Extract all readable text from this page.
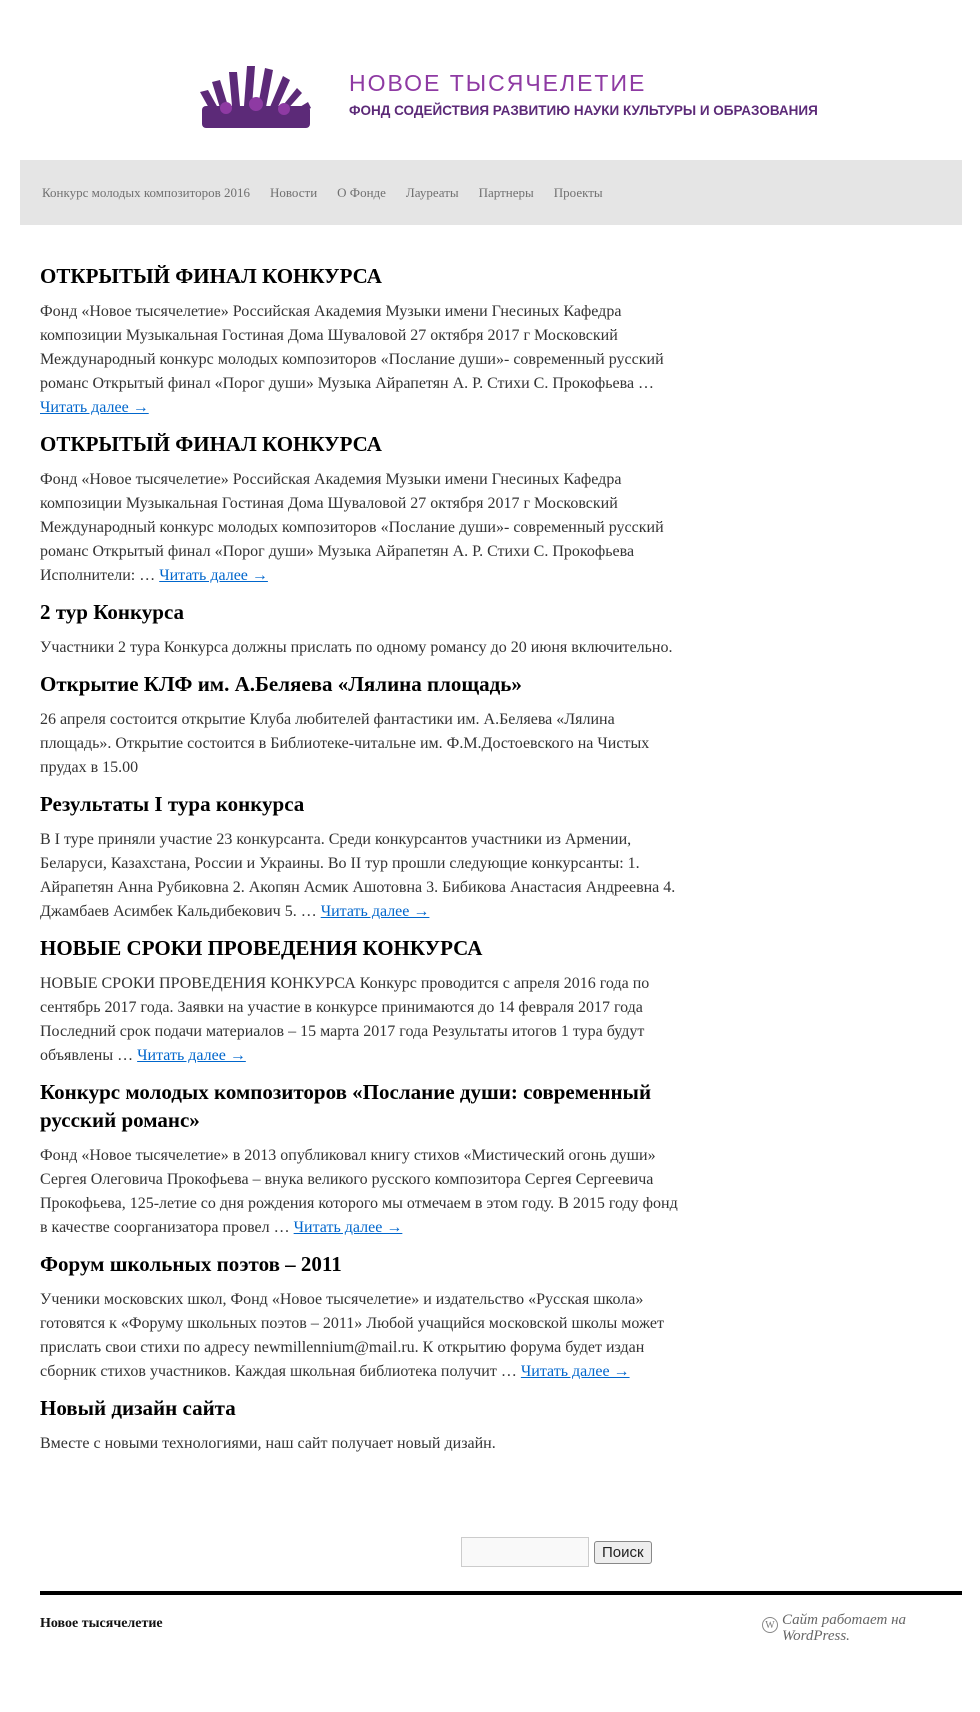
НОВОЕ ТЫСЯЧЕЛЕТИЕ
ФОНД СОДЕЙСТВИЯ РАЗВИТИЮ НАУКИ КУЛЬТУРЫ И ОБРАЗОВАНИЯ
Конкурс молодых композиторов 2016 Новости О Фонде Лауреаты Партнеры Проекты
ОТКРЫТЫЙ ФИНАЛ КОНКУРСА

Фонд «Новое тысячелетие» Российская Академия Музыки имени Гнесиных Кафедра композиции Музыкальная Гостиная Дома Шуваловой 27 октября 2017 г Московский Международный конкурс молодых композиторов «Послание души»- современный русский романс Открытый финал «Порог души» Музыка Айрапетян А. Р. Стихи С. Прокофьева … Читать далее →

ОТКРЫТЫЙ ФИНАЛ КОНКУРСА

Фонд «Новое тысячелетие» Российская Академия Музыки имени Гнесиных Кафедра композиции Музыкальная Гостиная Дома Шуваловой 27 октября 2017 г Московский Международный конкурс молодых композиторов «Послание души»- современный русский романс Открытый финал «Порог души» Музыка Айрапетян А. Р. Стихи С. Прокофьева Исполнители: … Читать далее →

2 тур Конкурса

Участники 2 тура Конкурса должны прислать по одному романсу до 20 июня включительно.

Открытие КЛФ им. А.Беляева «Лялина площадь»

26 апреля состоится открытие Клуба любителей фантастики им. А.Беляева «Лялина площадь». Открытие состоится в Библиотеке-читальне им. Ф.М.Достоевского на Чистых прудах в 15.00

Результаты I тура конкурса

В I туре приняли участие 23 конкурсанта. Среди конкурсантов участники из Армении, Беларуси, Казахстана, России и Украины. Во II тур прошли следующие конкурсанты: 1. Айрапетян Анна Рубиковна 2. Акопян Асмик Ашотовна 3. Бибикова Анастасия Андреевна 4. Джамбаев Асимбек Кальдибекович 5. … Читать далее →

НОВЫЕ СРОКИ ПРОВЕДЕНИЯ КОНКУРСА

НОВЫЕ СРОКИ ПРОВЕДЕНИЯ КОНКУРСА Конкурс проводится с апреля 2016 года по сентябрь 2017 года. Заявки на участие в конкурсе принимаются до 14 февраля 2017 года Последний срок подачи материалов – 15 марта 2017 года Результаты итогов 1 тура будут объявлены … Читать далее →

Конкурс молодых композиторов «Послание души: современный русский романс»

Фонд «Новое тысячелетие» в 2013 опубликовал книгу стихов «Мистический огонь души» Сергея Олеговича Прокофьева – внука великого русского композитора Сергея Сергеевича Прокофьева, 125-летие со дня рождения которого мы отмечаем в этом году. В 2015 году фонд в качестве соорганизатора провел … Читать далее →

Форум школьных поэтов – 2011

Ученики московских школ, Фонд «Новое тысячелетие» и издательство «Русская школа» готовятся к «Форуму школьных поэтов – 2011» Любой учащийся московской школы может прислать свои стихи по адресу newmillennium@mail.ru. К открытию форума будет издан сборник стихов участников. Каждая школьная библиотека получит … Читать далее →

Новый дизайн сайта

Вместе с новыми технологиями, наш сайт получает новый дизайн.

Поиск
Новое тысячелетие	W Сайт работает на WordPress.
